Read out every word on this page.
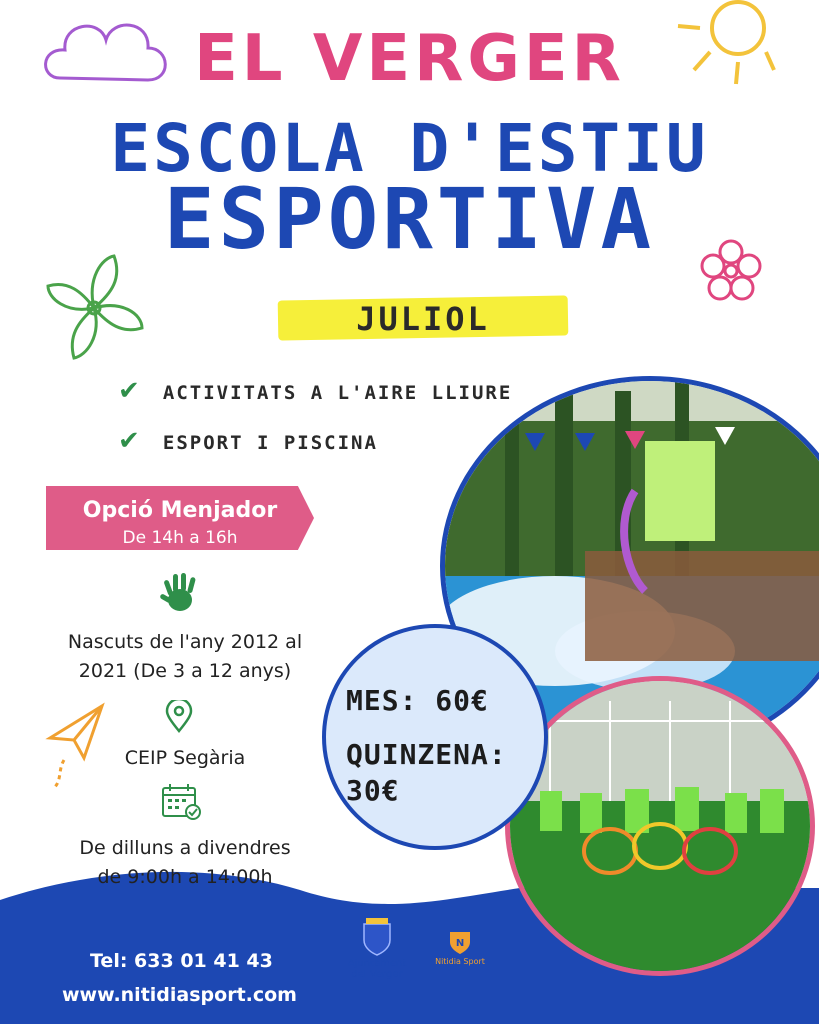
EL VERGER
ESCOLA D'ESTIU
ESPORTIVA
JULIOL
✔ ACTIVITATS A L'AIRE LLIURE
✔ ESPORT I PISCINA
Opció Menjador
De 14h a 16h
Nascuts de l'any 2012 al
2021 (De 3 a 12 anys)
CEIP Segària
De dilluns a divendres
de 9:00h a 14:00h
Tel: 633 01 41 43
www.nitidiasport.com
Ajuntament
del Verger
N
Nitidia Sport
MES: 60€
QUINZENA:
30€
